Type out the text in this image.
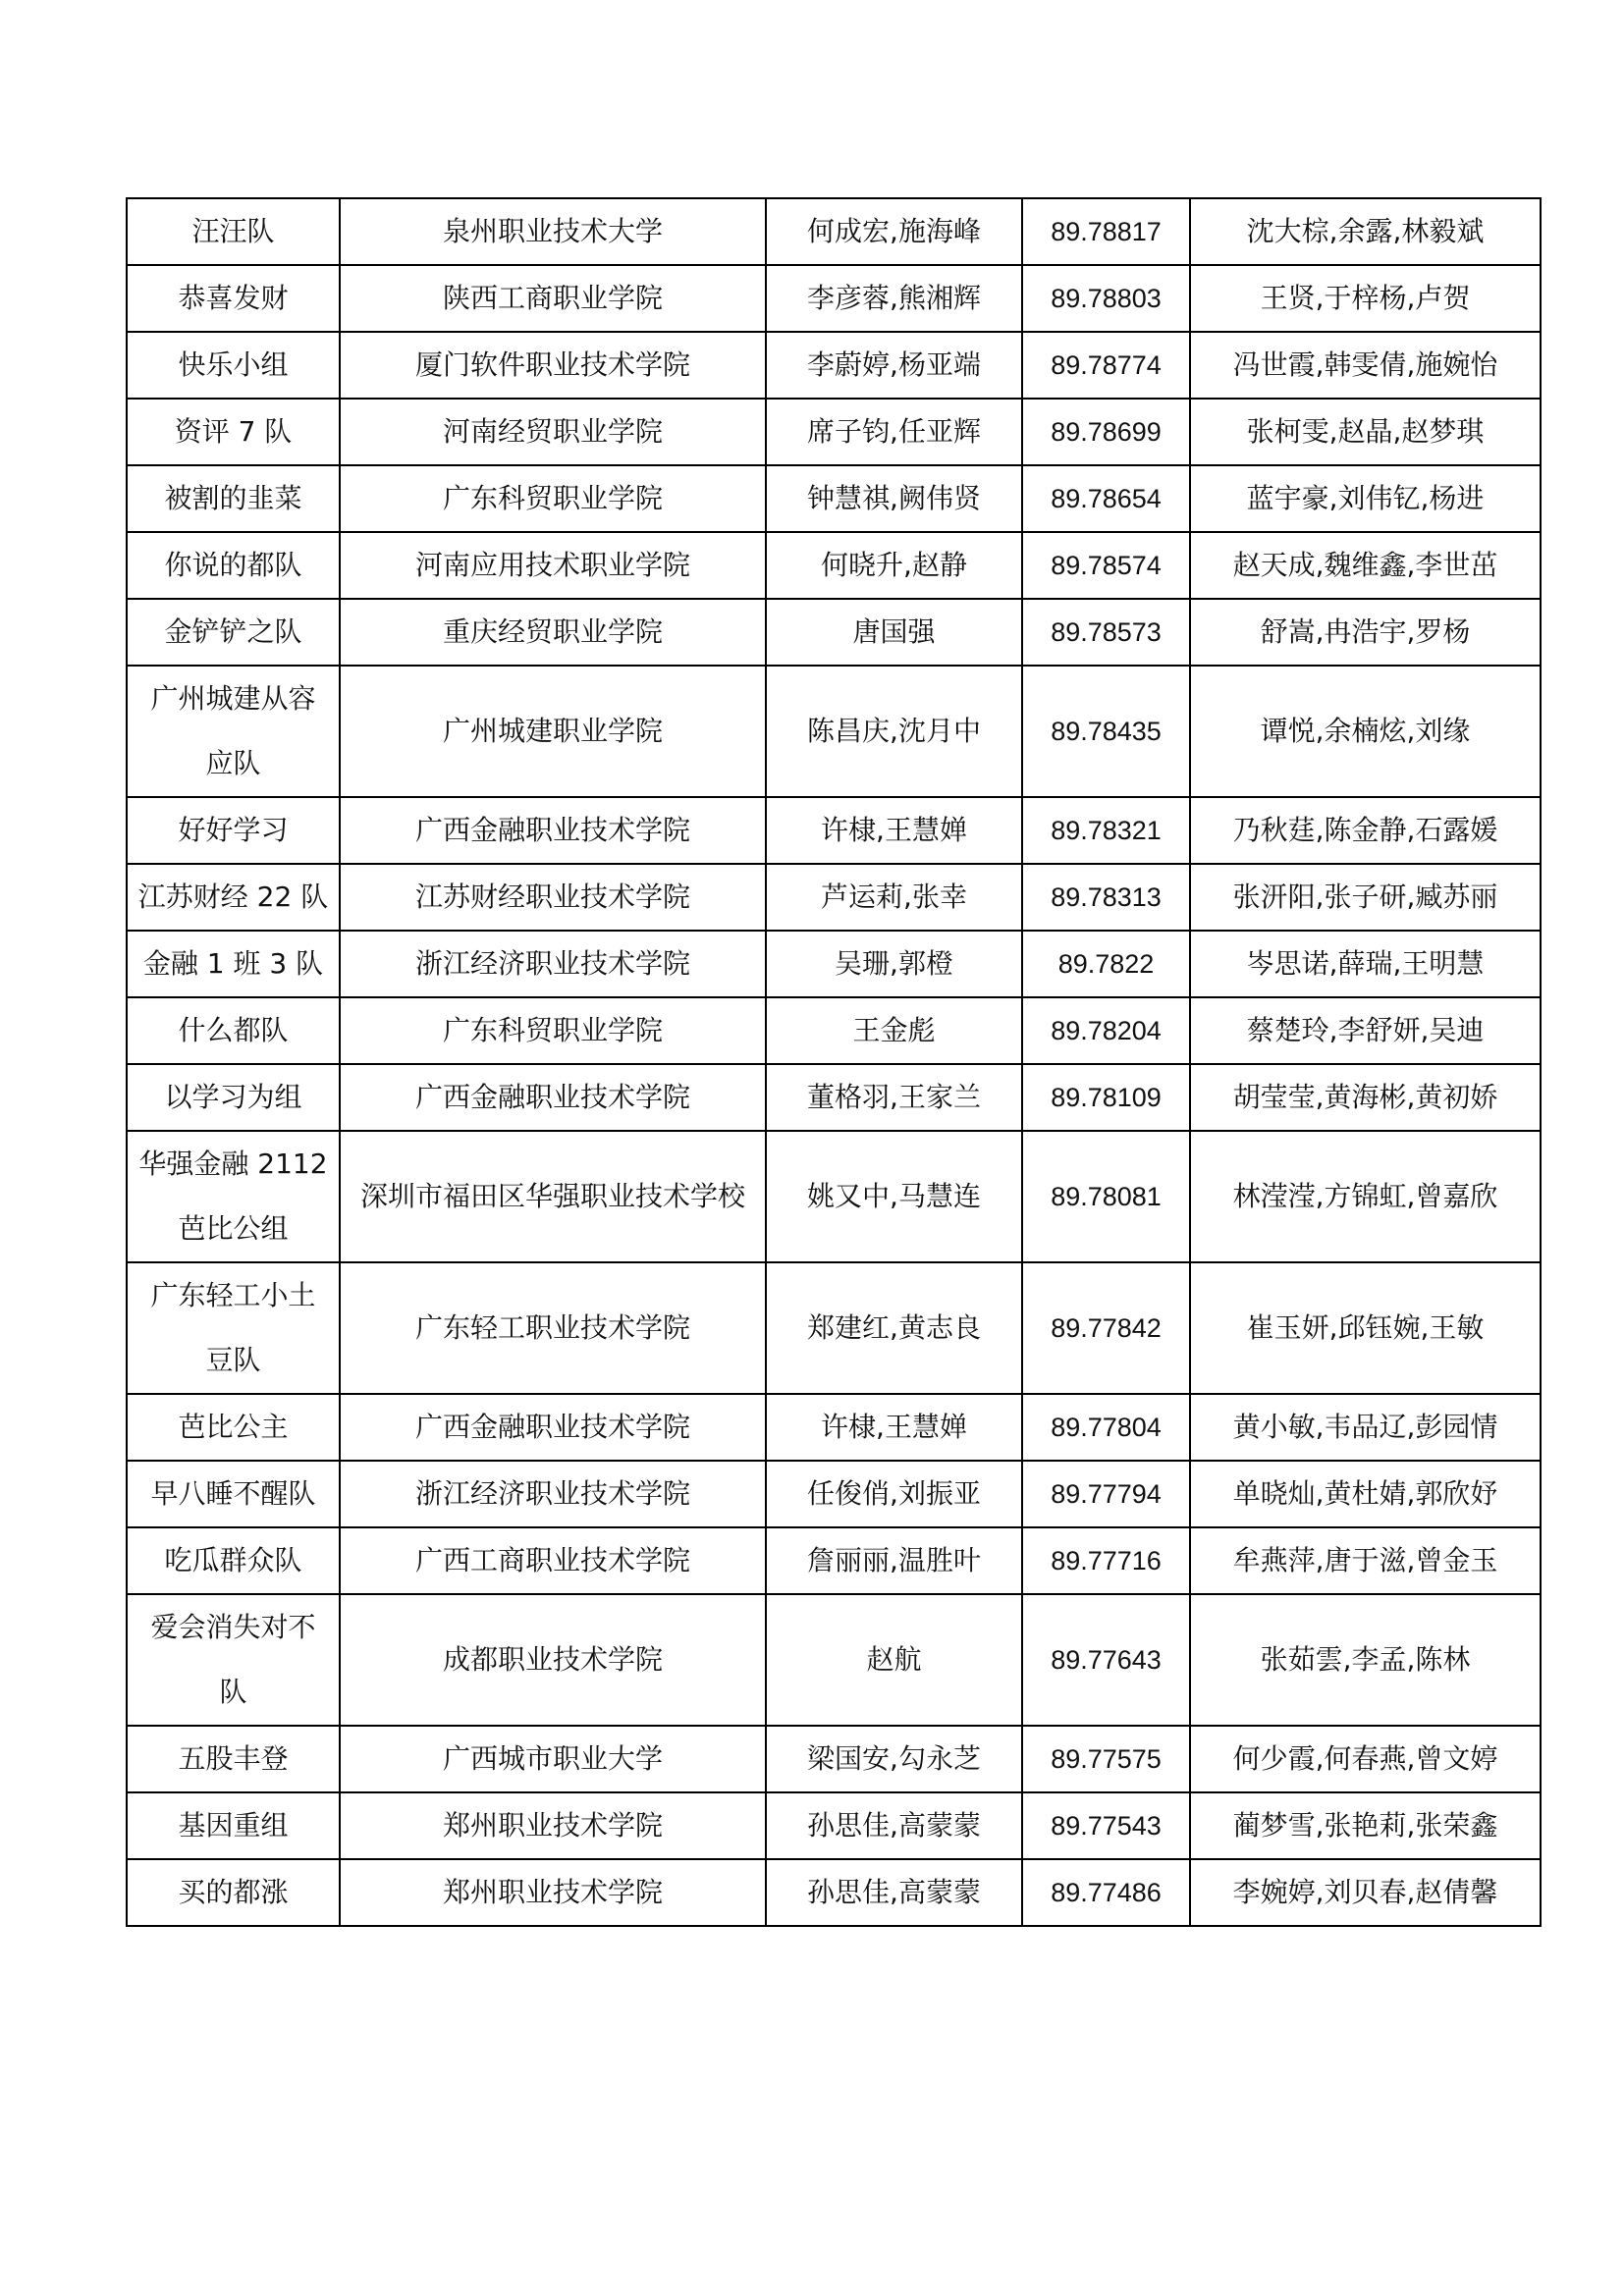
汪汪队	泉州职业技术大学	何成宏,施海峰	89.78817	沈大棕,余露,林毅斌
恭喜发财	陕西工商职业学院	李彦蓉,熊湘辉	89.78803	王贤,于梓杨,卢贺
快乐小组	厦门软件职业技术学院	李蔚婷,杨亚端	89.78774	冯世霞,韩雯倩,施婉怡
资评 7 队	河南经贸职业学院	席子钧,任亚辉	89.78699	张柯雯,赵晶,赵梦琪
被割的韭菜	广东科贸职业学院	钟慧祺,阙伟贤	89.78654	蓝宇豪,刘伟钇,杨进
你说的都队	河南应用技术职业学院	何晓升,赵静	89.78574	赵天成,魏维鑫,李世茁
金铲铲之队	重庆经贸职业学院	唐国强	89.78573	舒嵩,冉浩宇,罗杨
广州城建从容应队	广州城建职业学院	陈昌庆,沈月中	89.78435	谭悦,余楠炫,刘缘
好好学习	广西金融职业技术学院	许棣,王慧婵	89.78321	乃秋莛,陈金静,石露媛
江苏财经 22 队	江苏财经职业技术学院	芦运莉,张幸	89.78313	张汧阳,张子研,臧苏丽
金融 1 班 3 队	浙江经济职业技术学院	吴珊,郭橙	89.7822	岑思诺,薛瑞,王明慧
什么都队	广东科贸职业学院	王金彪	89.78204	蔡楚玲,李舒妍,吴迪
以学习为组	广西金融职业技术学院	董格羽,王家兰	89.78109	胡莹莹,黄海彬,黄初娇
华强金融 2112 芭比公组	深圳市福田区华强职业技术学校	姚又中,马慧连	89.78081	林滢滢,方锦虹,曾嘉欣
广东轻工小土豆队	广东轻工职业技术学院	郑建红,黄志良	89.77842	崔玉妍,邱钰婉,王敏
芭比公主	广西金融职业技术学院	许棣,王慧婵	89.77804	黄小敏,韦品辽,彭园情
早八睡不醒队	浙江经济职业技术学院	任俊俏,刘振亚	89.77794	单晓灿,黄杜婧,郭欣妤
吃瓜群众队	广西工商职业技术学院	詹丽丽,温胜叶	89.77716	牟燕萍,唐于滋,曾金玉
爱会消失对不队	成都职业技术学院	赵航	89.77643	张茹雲,李孟,陈林
五股丰登	广西城市职业大学	梁国安,勾永芝	89.77575	何少霞,何春燕,曾文婷
基因重组	郑州职业技术学院	孙思佳,高蒙蒙	89.77543	蔺梦雪,张艳莉,张荣鑫
买的都涨	郑州职业技术学院	孙思佳,高蒙蒙	89.77486	李婉婷,刘贝春,赵倩馨
